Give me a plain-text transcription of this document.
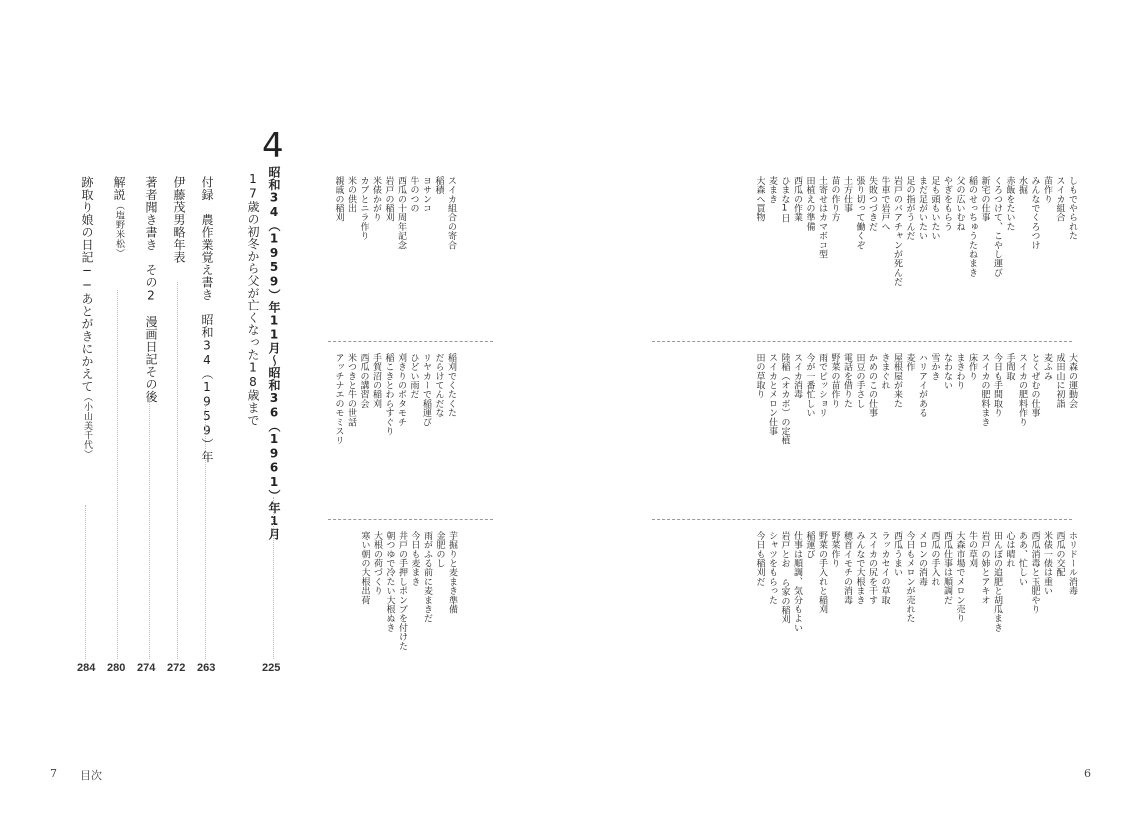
しもでやられた
スイカ組合
苗作り
みんなでくろつけ
水掘
赤飯をたいた
くろつけて、こやし運び
新宅の仕事
稲のせっちゅうたねまき
父の広いむね
やぎをもらう
足も頭もいたい
まだ足がいたい
足の指がうんだ
岩戸のバアチャンが死んだ
牛車で岩戸へ
失敗つづきだ
張り切って働くぞ
土方仕事
苗の作り方
土寄せはカマボコ型
田植えの準備
西瓜の作業
ひまな1日
麦まき
大森へ買物
大森の運動会
成田山に初詣
麦ふみ
とくぜむの仕事
スイカの肥料作り
手間取
今日も手間取り
スイカの肥料まき
床作り
まきわり
なわない
雪かき
ハリアイがある
麦作
屋根屋が来た
きまぐれ
かめのこの仕事
田豆の手さし
電話を借りた
野菜の苗作り
雨でピッショリ
今が一番忙しい
スイカ消毒
陸稲（オカボ）の定植
スイカとメロン仕事
田の草取り
ホリドール消毒
西瓜の交配
米俵一俵は重い
西瓜消毒と玉肥やり
ああ、忙しい
心は晴れ
田んぼの追肥と胡瓜まき
岩戸の姉とアキオ
牛の草刈
大森市場でメロン売り
西瓜仕事は順調だ
西瓜の手入れ
メロンの消毒
今日もメロンが売れた
西瓜うまい
ラッカセイの草取
スイカの尻を干す
みんなで大根まき
穂首イモチの消毒
野菜作り
野菜の手入れと稲刈
稲運び
仕事は順調、気分もよい
岩戸とお ら家の稲刈
シャツをもらった
今日も稲刈だ
スイカ組合の寄合
稲積
ヨサンコ
牛のつの
西瓜の十周年記念
岩戸の稲刈
米俵かがり
カブとニラ作り
米の供出
親戚の稲刈
稲刈でくたくた
だらけてんだな
リヤカーで稲運び
ひどい雨だ
刈きりのボタモチ
稲こきとわらすぐり
手賀沼の稲刈
西瓜の講習会
米つきと牛の世話
アッチナエのモミスリ
芋掘りと麦まき準備
金肥のし
雨がふる前に麦まきだ
今日も麦まき
井戸の手押しポンプを付けた
朝つゆで冷たい大根ぬき
大根の荷づくり
寒い朝の大根出荷
4
昭和34（1959）年11月〜昭和36（1961）年1月
17歳の初冬から父が亡くなった18歳まで
225
付録　農作業覚え書き　昭和34（1959）年
263
伊藤茂男略年表
272
著者聞き書き　その2　漫画日記その後
274
解説（塩野米松）
280
跡取り娘の日記──あとがきにかえて（小山美千代）
284
7 目次	6
